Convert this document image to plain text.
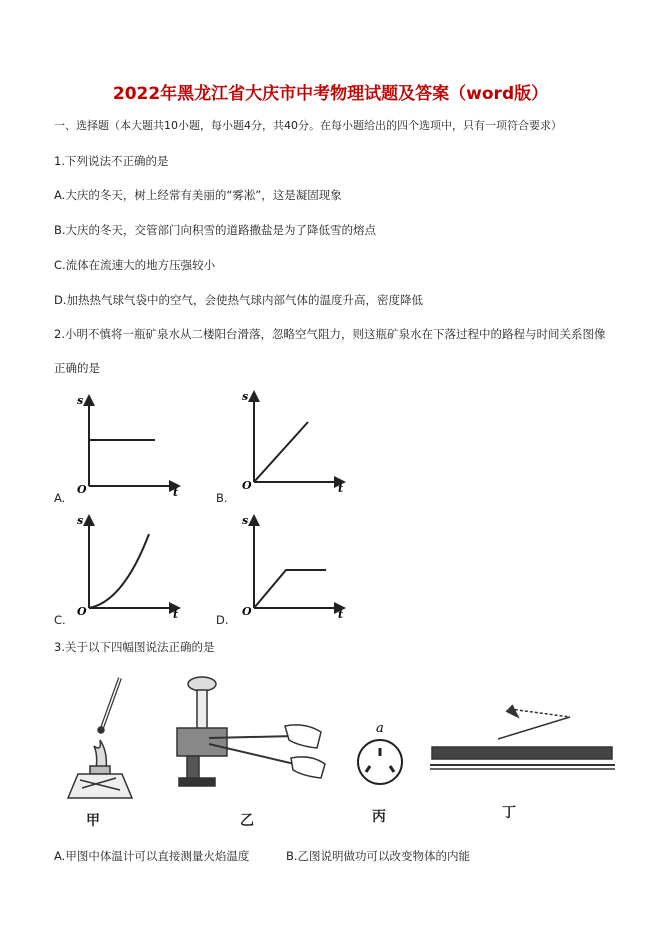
2022年黑龙江省大庆市中考物理试题及答案（word版）
一、选择题（本大题共10小题，每小题4分，共40分。在每小题给出的四个选项中，只有一项符合要求）
1.下列说法不正确的是
A.大庆的冬天，树上经常有美丽的“雾凇”，这是凝固现象
B.大庆的冬天，交管部门向积雪的道路撒盐是为了降低雪的熔点
C.流体在流速大的地方压强较小
D.加热热气球气袋中的空气，会使热气球内部气体的温度升高，密度降低
2.小明不慎将一瓶矿泉水从二楼阳台滑落，忽略空气阻力，则这瓶矿泉水在下落过程中的路程与时间关系图像
正确的是
s
O	t
A.
s
O	t
B.
s
O	t
C.
s
O	t
D.
3.关于以下四幅图说法正确的是
甲	乙
a
丙	丁
A.甲图中体温计可以直接测量火焰温度	B.乙图说明做功可以改变物体的内能
